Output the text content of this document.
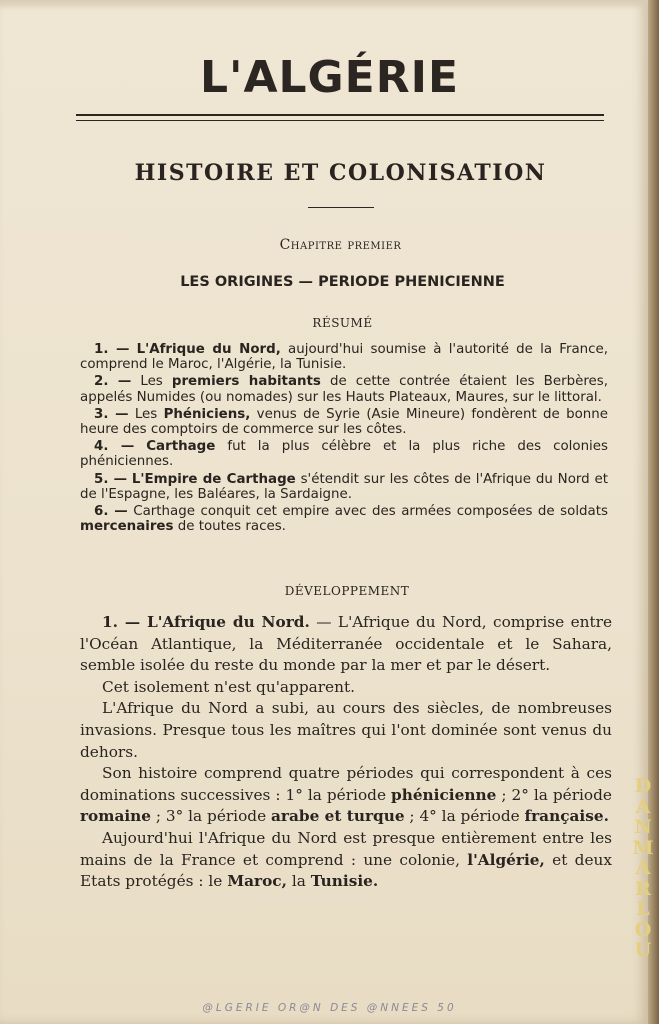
L'ALGÉRIE
HISTOIRE ET COLONISATION
Chapitre premier
LES ORIGINES — PERIODE PHENICIENNE
RÉSUMÉ

1. — L'Afrique du Nord, aujourd'hui soumise à l'autorité de la France, comprend le Maroc, l'Algérie, la Tunisie.

2. — Les premiers habitants de cette contrée étaient les Berbères, appelés Numides (ou nomades) sur les Hauts Plateaux, Maures, sur le littoral.

3. — Les Phéniciens, venus de Syrie (Asie Mineure) fondèrent de bonne heure des comptoirs de commerce sur les côtes.

4. — Carthage fut la plus célèbre et la plus riche des colonies phéniciennes.

5. — L'Empire de Carthage s'étendit sur les côtes de l'Afrique du Nord et de l'Espagne, les Baléares, la Sardaigne.

6. — Carthage conquit cet empire avec des armées composées de soldats mercenaires de toutes races.

DÉVELOPPEMENT

1. — L'Afrique du Nord. — L'Afrique du Nord, comprise entre l'Océan Atlantique, la Méditerranée occidentale et le Sahara, semble isolée du reste du monde par la mer et par le désert.

Cet isolement n'est qu'apparent.

L'Afrique du Nord a subi, au cours des siècles, de nombreuses invasions. Presque tous les maîtres qui l'ont dominée sont venus du dehors.

Son histoire comprend quatre périodes qui correspondent à ces dominations successives : 1° la période phénicienne ; 2° la période romaine ; 3° la période arabe et turque ; 4° la période française.

Aujourd'hui l'Afrique du Nord est presque entièrement entre les mains de la France et comprend : une colonie, l'Algérie, et deux Etats protégés : le Maroc, la Tunisie.

@LGERIE OR@N DES @NNEES 50
DANMARLOU
